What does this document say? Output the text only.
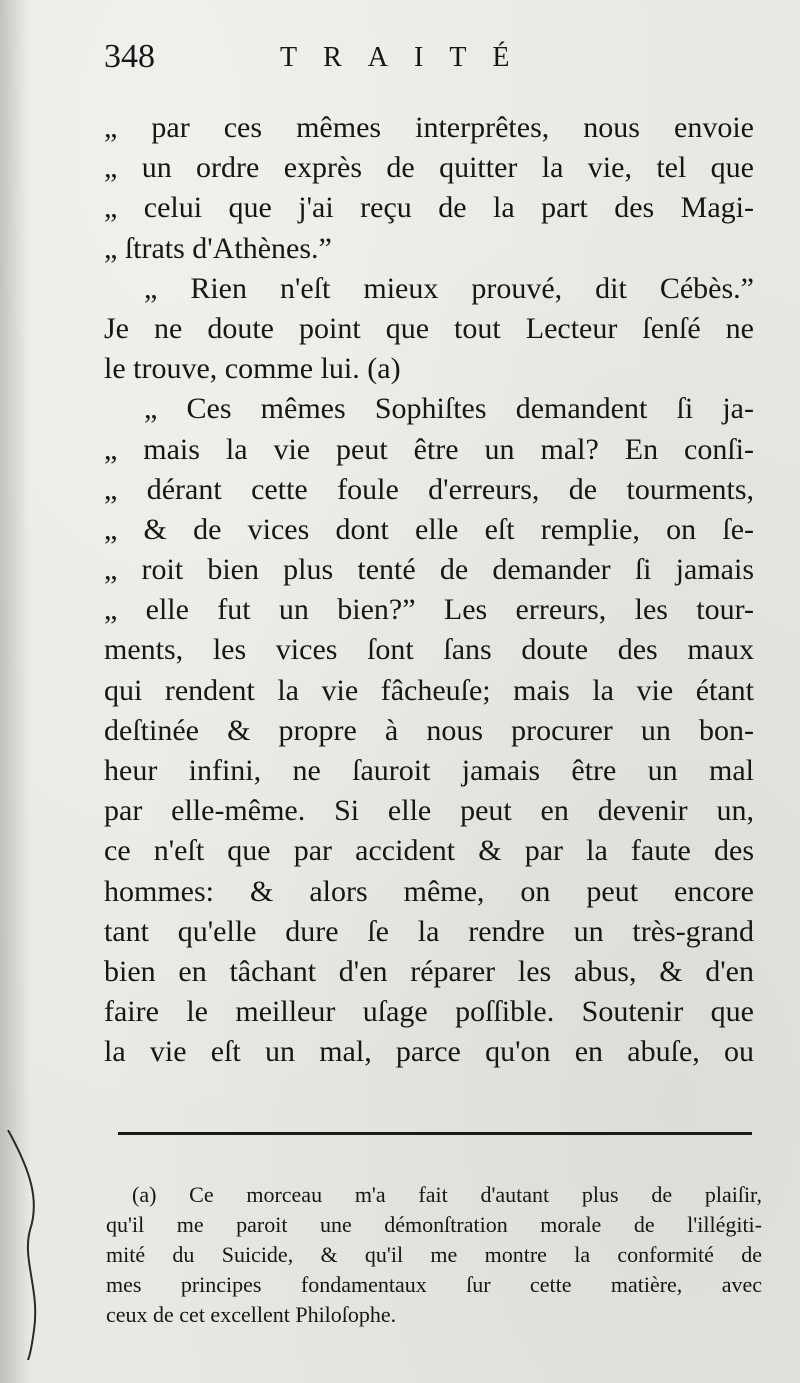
348	TRAITÉ
„ par ces mêmes interprêtes, nous envoie
„ un ordre exprès de quitter la vie, tel que
„ celui que j'ai reçu de la part des Magi-
„ ſtrats d'Athènes.”
„ Rien n'eſt mieux prouvé, dit Cébès.”
Je ne doute point que tout Lecteur ſenſé ne
le trouve, comme lui. (a)
„ Ces mêmes Sophiſtes demandent ſi ja-
„ mais la vie peut être un mal? En conſi-
„ dérant cette foule d'erreurs, de tourments,
„ & de vices dont elle eſt remplie, on ſe-
„ roit bien plus tenté de demander ſi jamais
„ elle fut un bien?” Les erreurs, les tour-
ments, les vices ſont ſans doute des maux
qui rendent la vie fâcheuſe; mais la vie étant
deſtinée & propre à nous procurer un bon-
heur infini, ne ſauroit jamais être un mal
par elle-même. Si elle peut en devenir un,
ce n'eſt que par accident & par la faute des
hommes: & alors même, on peut encore
tant qu'elle dure ſe la rendre un très-grand
bien en tâchant d'en réparer les abus, & d'en
faire le meilleur uſage poſſible. Soutenir que
la vie eſt un mal, parce qu'on en abuſe, ou
(a) Ce morceau m'a fait d'autant plus de plaiſir,
qu'il me paroit une démonſtration morale de l'illégiti-
mité du Suicide, & qu'il me montre la conformité de
mes principes fondamentaux ſur cette matière, avec
ceux de cet excellent Philoſophe.
